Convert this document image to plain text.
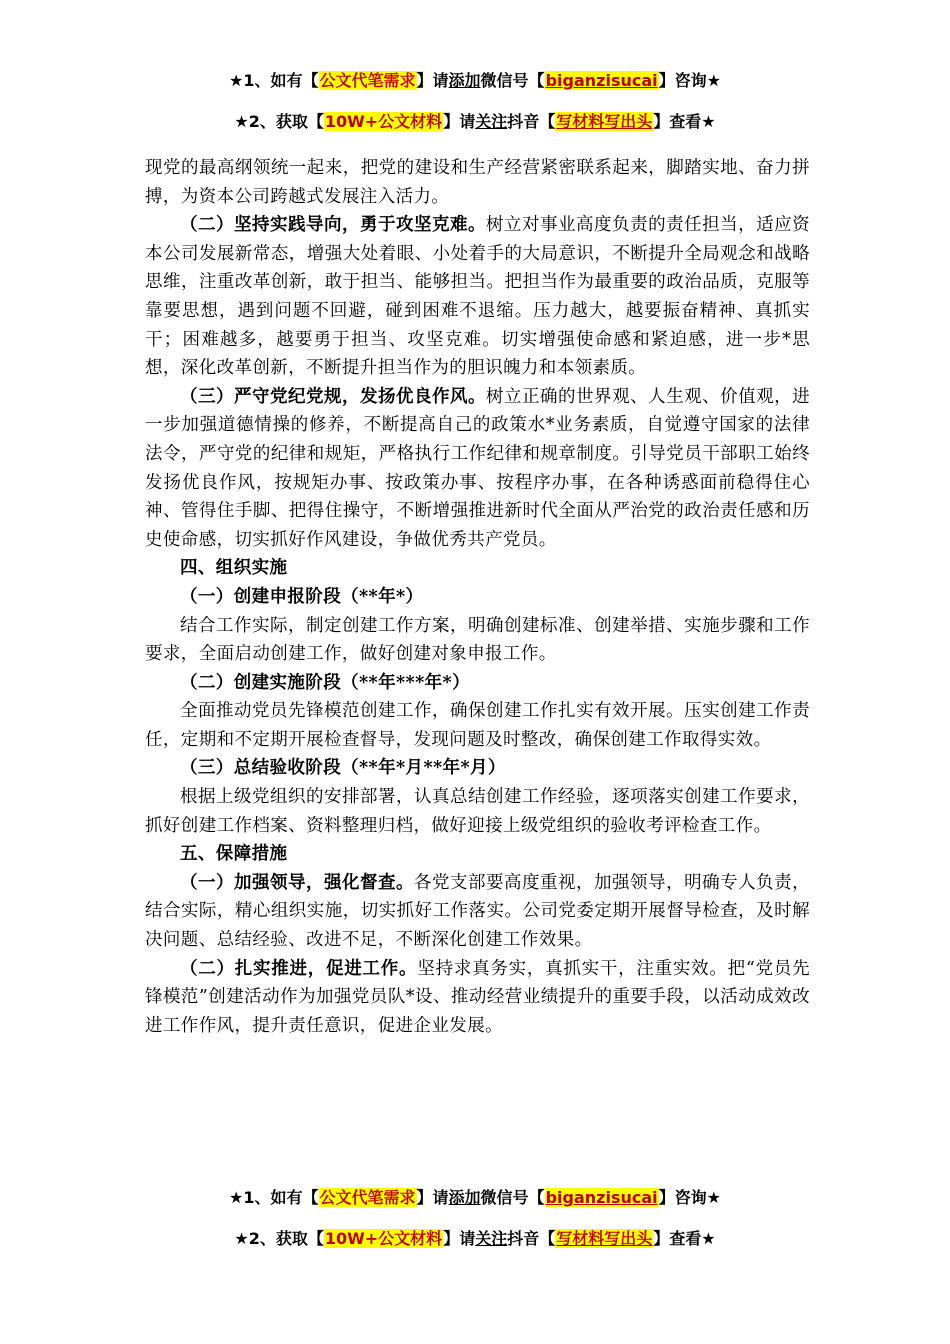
★1、如有【公文代笔需求】请添加微信号【biganzisucai】咨询★
★2、获取【10W+公文材料】请关注抖音【写材料写出头】查看★

现党的最高纲领统一起来，把党的建设和生产经营紧密联系起来，脚踏实地、奋力拼搏，为资本公司跨越式发展注入活力。

（二）坚持实践导向，勇于攻坚克难。树立对事业高度负责的责任担当，适应资本公司发展新常态，增强大处着眼、小处着手的大局意识，不断提升全局观念和战略思维，注重改革创新，敢于担当、能够担当。把担当作为最重要的政治品质，克服等靠要思想，遇到问题不回避，碰到困难不退缩。压力越大，越要振奋精神、真抓实干；困难越多，越要勇于担当、攻坚克难。切实增强使命感和紧迫感，进一步*思想，深化改革创新，不断提升担当作为的胆识魄力和本领素质。

（三）严守党纪党规，发扬优良作风。树立正确的世界观、人生观、价值观，进一步加强道德情操的修养，不断提高自己的政策水*业务素质，自觉遵守国家的法律法令，严守党的纪律和规矩，严格执行工作纪律和规章制度。引导党员干部职工始终发扬优良作风，按规矩办事、按政策办事、按程序办事，在各种诱惑面前稳得住心神、管得住手脚、把得住操守，不断增强推进新时代全面从严治党的政治责任感和历史使命感，切实抓好作风建设，争做优秀共产党员。

四、组织实施

（一）创建申报阶段（**年*）

结合工作实际，制定创建工作方案，明确创建标准、创建举措、实施步骤和工作要求，全面启动创建工作，做好创建对象申报工作。

（二）创建实施阶段（**年***年*）

全面推动党员先锋模范创建工作，确保创建工作扎实有效开展。压实创建工作责任，定期和不定期开展检查督导，发现问题及时整改，确保创建工作取得实效。

（三）总结验收阶段（**年*月**年*月）

根据上级党组织的安排部署，认真总结创建工作经验，逐项落实创建工作要求，抓好创建工作档案、资料整理归档，做好迎接上级党组织的验收考评检查工作。

五、保障措施

（一）加强领导，强化督查。各党支部要高度重视，加强领导，明确专人负责，结合实际，精心组织实施，切实抓好工作落实。公司党委定期开展督导检查，及时解决问题、总结经验、改进不足，不断深化创建工作效果。

（二）扎实推进，促进工作。坚持求真务实，真抓实干，注重实效。把“党员先锋模范”创建活动作为加强党员队*设、推动经营业绩提升的重要手段，以活动成效改进工作作风，提升责任意识，促进企业发展。

★1、如有【公文代笔需求】请添加微信号【biganzisucai】咨询★
★2、获取【10W+公文材料】请关注抖音【写材料写出头】查看★
